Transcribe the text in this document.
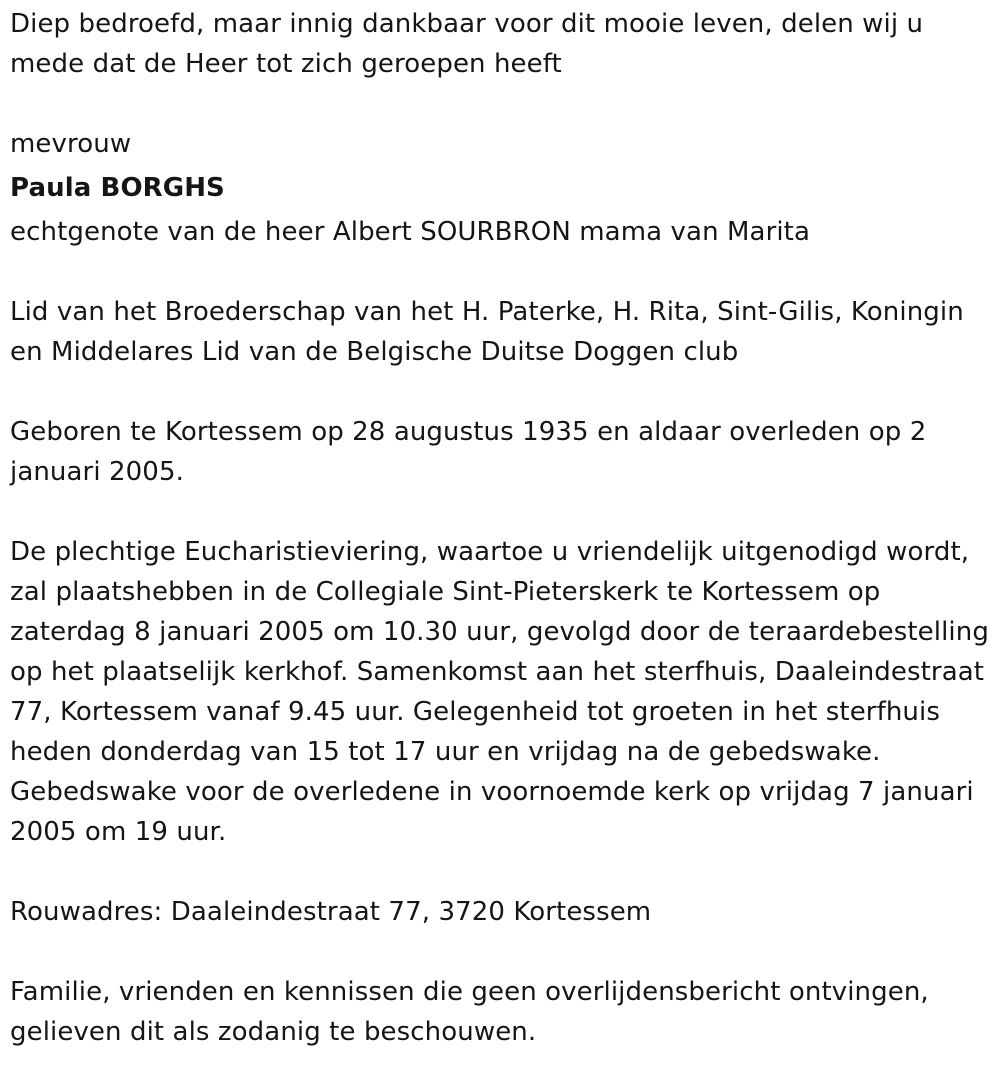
Diep bedroefd, maar innig dankbaar voor dit mooie leven, delen wij u mede dat de Heer tot zich geroepen heeft

mevrouw

Paula BORGHS

echtgenote van de heer Albert SOURBRON mama van Marita

Lid van het Broederschap van het H. Paterke, H. Rita, Sint-Gilis, Koningin en Middelares Lid van de Belgische Duitse Doggen club

Geboren te Kortessem op 28 augustus 1935 en aldaar overleden op 2 januari 2005.

De plechtige Eucharistieviering, waartoe u vriendelijk uitgenodigd wordt, zal plaatshebben in de Collegiale Sint-Pieterskerk te Kortessem op zaterdag 8 januari 2005 om 10.30 uur, gevolgd door de teraardebestelling op het plaatselijk kerkhof. Samenkomst aan het sterfhuis, Daaleindestraat 77, Kortessem vanaf 9.45 uur. Gelegenheid tot groeten in het sterfhuis heden donderdag van 15 tot 17 uur en vrijdag na de gebedswake. Gebedswake voor de overledene in voornoemde kerk op vrijdag 7 januari 2005 om 19 uur.

Rouwadres: Daaleindestraat 77, 3720 Kortessem

Familie, vrienden en kennissen die geen overlijdensbericht ontvingen, gelieven dit als zodanig te beschouwen.
